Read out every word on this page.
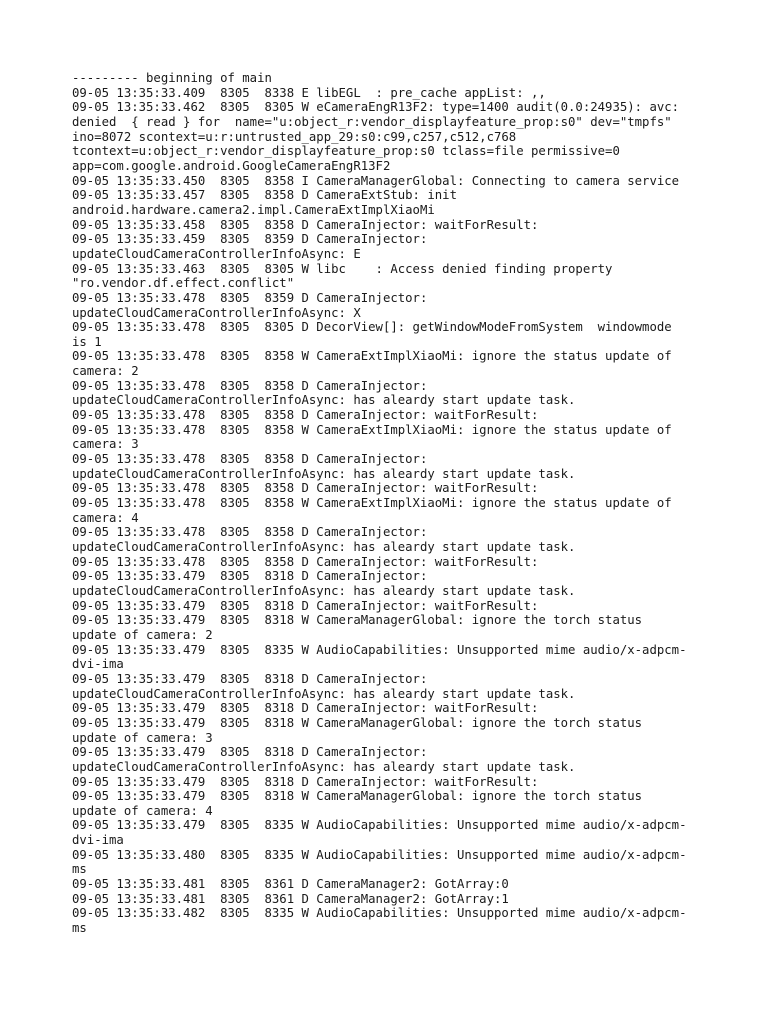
--------- beginning of main
09-05 13:35:33.409  8305  8338 E libEGL  : pre_cache appList: ,,
09-05 13:35:33.462  8305  8305 W eCameraEngR13F2: type=1400 audit(0.0:24935): avc:
denied  { read } for  name="u:object_r:vendor_displayfeature_prop:s0" dev="tmpfs"
ino=8072 scontext=u:r:untrusted_app_29:s0:c99,c257,c512,c768
tcontext=u:object_r:vendor_displayfeature_prop:s0 tclass=file permissive=0
app=com.google.android.GoogleCameraEngR13F2
09-05 13:35:33.450  8305  8358 I CameraManagerGlobal: Connecting to camera service
09-05 13:35:33.457  8305  8358 D CameraExtStub: init
android.hardware.camera2.impl.CameraExtImplXiaoMi
09-05 13:35:33.458  8305  8358 D CameraInjector: waitForResult:
09-05 13:35:33.459  8305  8359 D CameraInjector:
updateCloudCameraControllerInfoAsync: E
09-05 13:35:33.463  8305  8305 W libc    : Access denied finding property
"ro.vendor.df.effect.conflict"
09-05 13:35:33.478  8305  8359 D CameraInjector:
updateCloudCameraControllerInfoAsync: X
09-05 13:35:33.478  8305  8305 D DecorView[]: getWindowModeFromSystem  windowmode
is 1
09-05 13:35:33.478  8305  8358 W CameraExtImplXiaoMi: ignore the status update of
camera: 2
09-05 13:35:33.478  8305  8358 D CameraInjector:
updateCloudCameraControllerInfoAsync: has aleardy start update task.
09-05 13:35:33.478  8305  8358 D CameraInjector: waitForResult:
09-05 13:35:33.478  8305  8358 W CameraExtImplXiaoMi: ignore the status update of
camera: 3
09-05 13:35:33.478  8305  8358 D CameraInjector:
updateCloudCameraControllerInfoAsync: has aleardy start update task.
09-05 13:35:33.478  8305  8358 D CameraInjector: waitForResult:
09-05 13:35:33.478  8305  8358 W CameraExtImplXiaoMi: ignore the status update of
camera: 4
09-05 13:35:33.478  8305  8358 D CameraInjector:
updateCloudCameraControllerInfoAsync: has aleardy start update task.
09-05 13:35:33.478  8305  8358 D CameraInjector: waitForResult:
09-05 13:35:33.479  8305  8318 D CameraInjector:
updateCloudCameraControllerInfoAsync: has aleardy start update task.
09-05 13:35:33.479  8305  8318 D CameraInjector: waitForResult:
09-05 13:35:33.479  8305  8318 W CameraManagerGlobal: ignore the torch status
update of camera: 2
09-05 13:35:33.479  8305  8335 W AudioCapabilities: Unsupported mime audio/x-adpcm-
dvi-ima
09-05 13:35:33.479  8305  8318 D CameraInjector:
updateCloudCameraControllerInfoAsync: has aleardy start update task.
09-05 13:35:33.479  8305  8318 D CameraInjector: waitForResult:
09-05 13:35:33.479  8305  8318 W CameraManagerGlobal: ignore the torch status
update of camera: 3
09-05 13:35:33.479  8305  8318 D CameraInjector:
updateCloudCameraControllerInfoAsync: has aleardy start update task.
09-05 13:35:33.479  8305  8318 D CameraInjector: waitForResult:
09-05 13:35:33.479  8305  8318 W CameraManagerGlobal: ignore the torch status
update of camera: 4
09-05 13:35:33.479  8305  8335 W AudioCapabilities: Unsupported mime audio/x-adpcm-
dvi-ima
09-05 13:35:33.480  8305  8335 W AudioCapabilities: Unsupported mime audio/x-adpcm-
ms
09-05 13:35:33.481  8305  8361 D CameraManager2: GotArray:0
09-05 13:35:33.481  8305  8361 D CameraManager2: GotArray:1
09-05 13:35:33.482  8305  8335 W AudioCapabilities: Unsupported mime audio/x-adpcm-
ms
